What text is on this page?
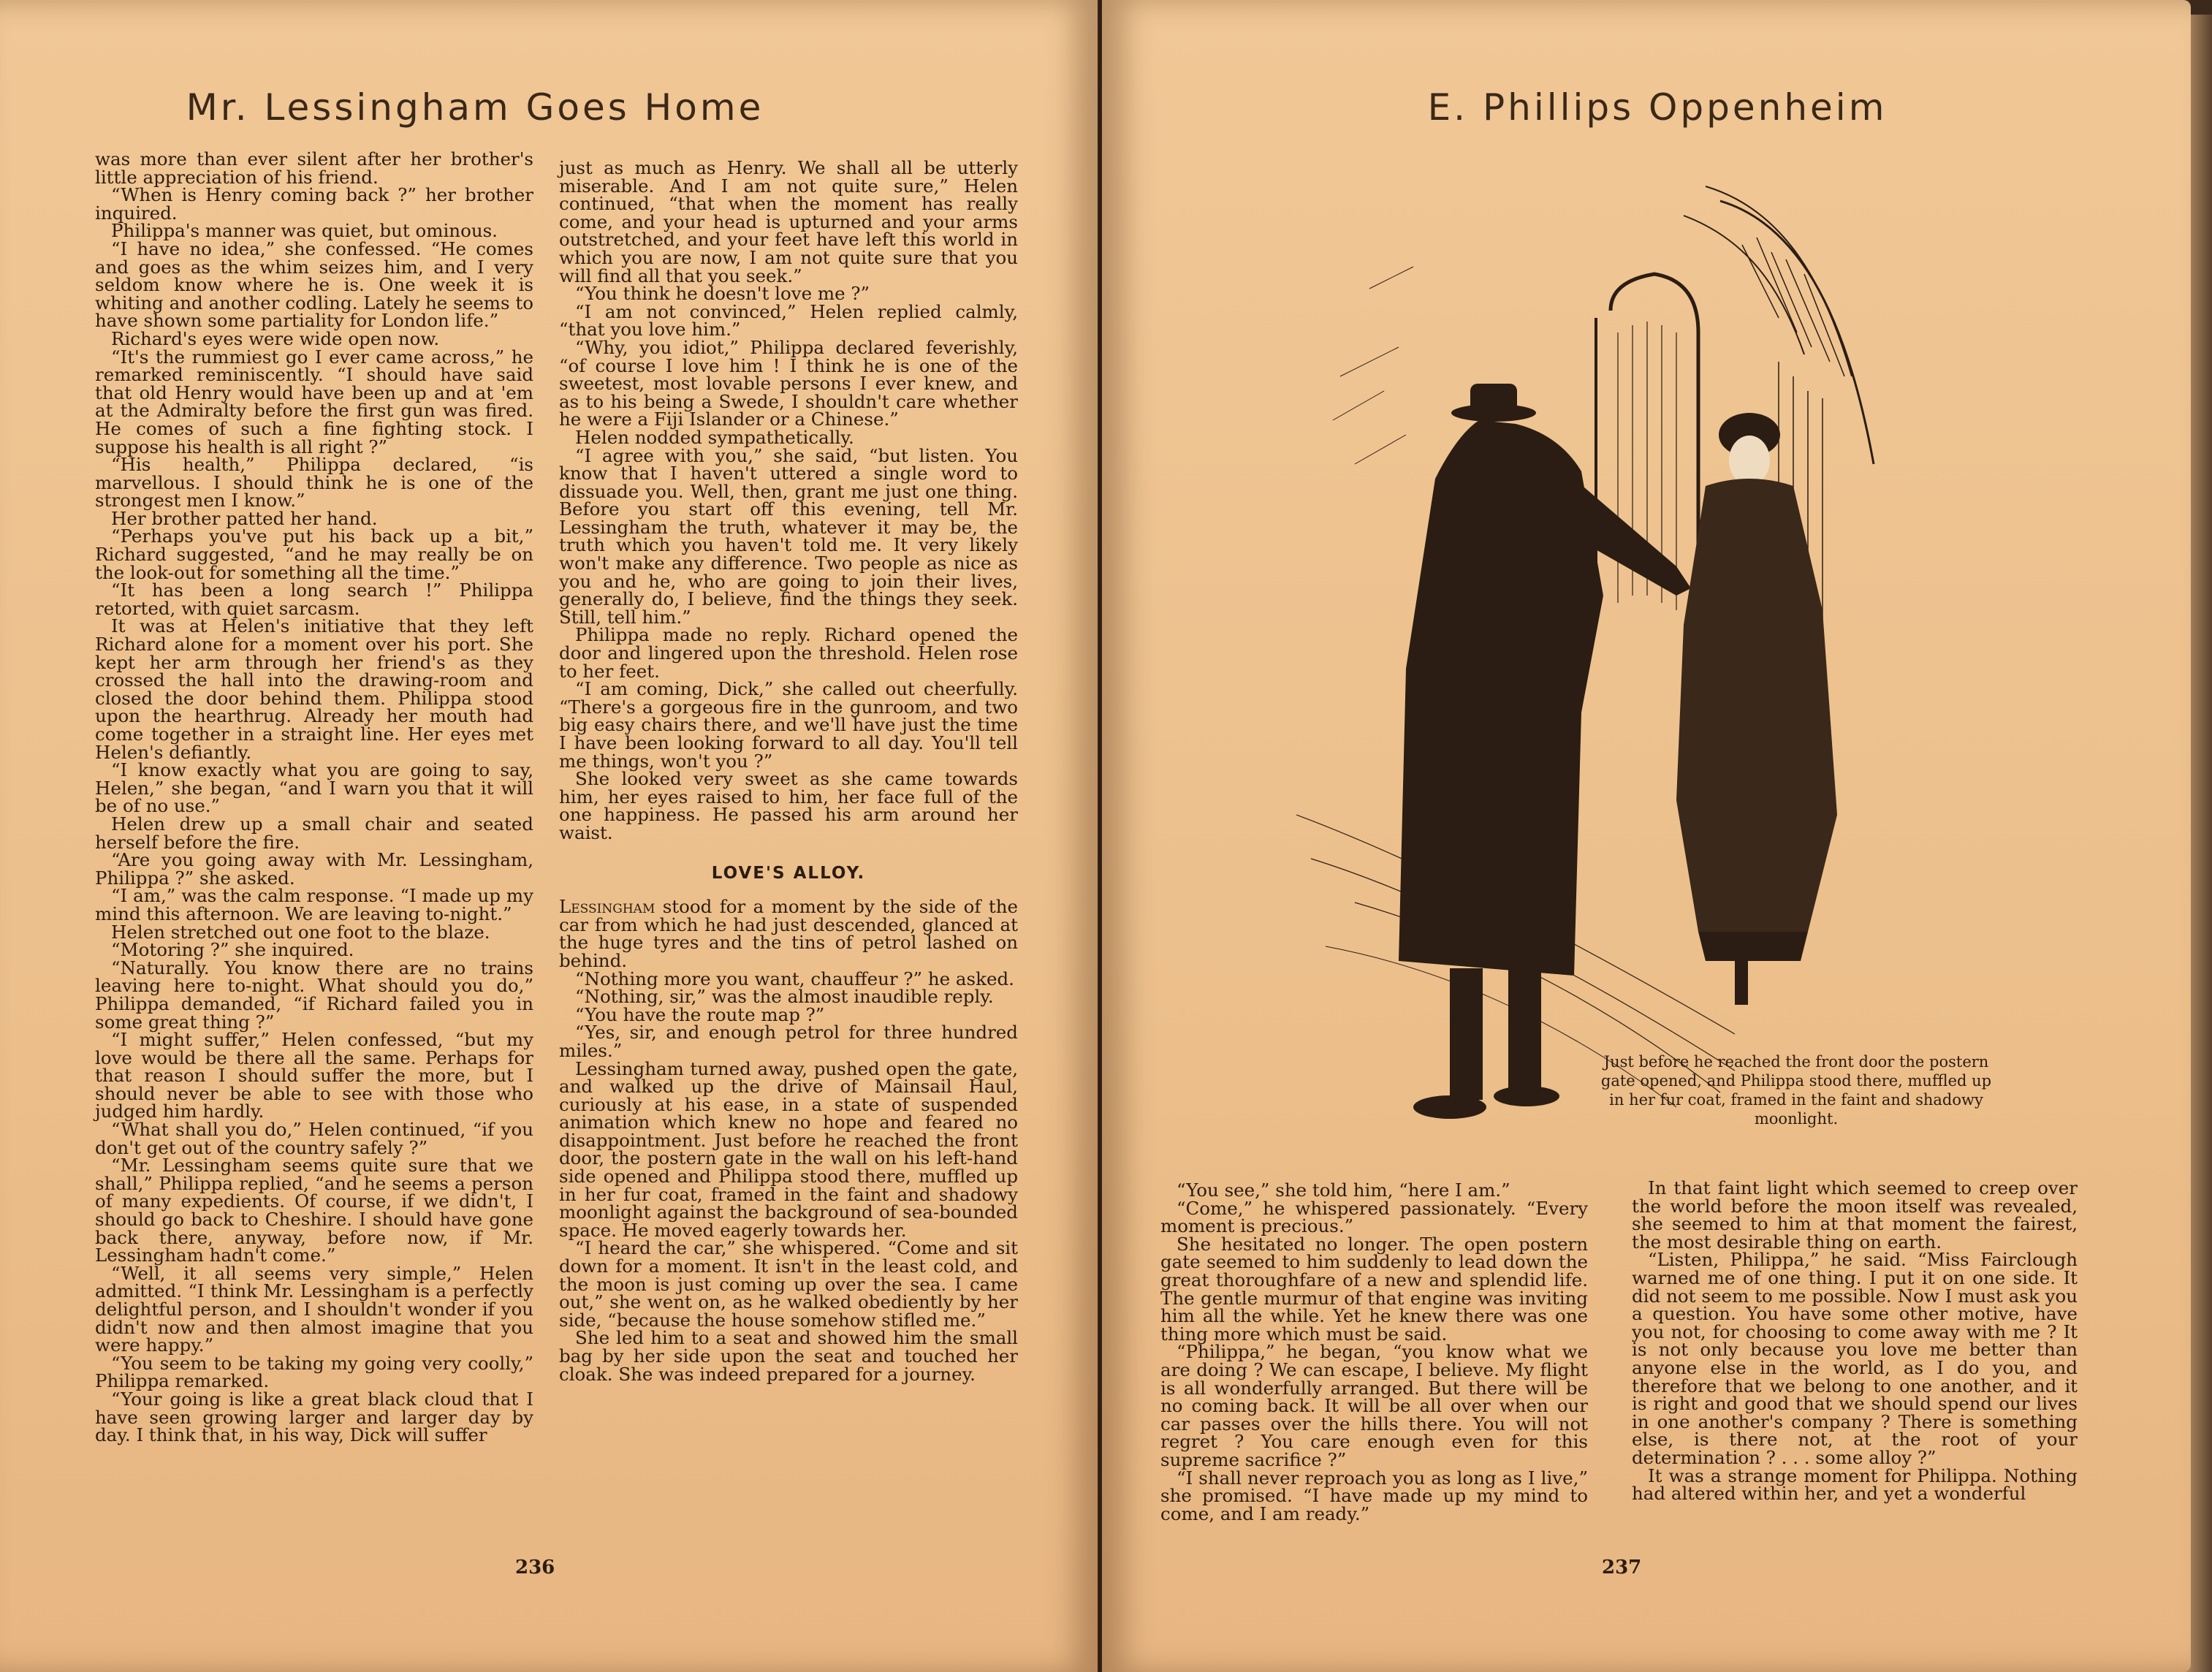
Mr. Lessingham Goes Home

was more than ever silent after her brother's little appreciation of his friend.

“When is Henry coming back ?” her brother inquired.

Philippa's manner was quiet, but ominous.

“I have no idea,” she confessed. “He comes and goes as the whim seizes him, and I very seldom know where he is. One week it is whiting and another codling. Lately he seems to have shown some partiality for London life.”

Richard's eyes were wide open now.

“It's the rummiest go I ever came across,” he remarked reminiscently. “I should have said that old Henry would have been up and at 'em at the Admiralty before the first gun was fired. He comes of such a fine fighting stock. I suppose his health is all right ?”

“His health,” Philippa declared, “is marvellous. I should think he is one of the strongest men I know.”

Her brother patted her hand.

“Perhaps you've put his back up a bit,” Richard suggested, “and he may really be on the look-out for something all the time.”

“It has been a long search !” Philippa retorted, with quiet sarcasm.

It was at Helen's initiative that they left Richard alone for a moment over his port. She kept her arm through her friend's as they crossed the hall into the drawing-room and closed the door behind them. Philippa stood upon the hearthrug. Already her mouth had come together in a straight line. Her eyes met Helen's defiantly.

“I know exactly what you are going to say, Helen,” she began, “and I warn you that it will be of no use.”

Helen drew up a small chair and seated herself before the fire.

“Are you going away with Mr. Lessingham, Philippa ?” she asked.

“I am,” was the calm response. “I made up my mind this afternoon. We are leaving to-night.”

Helen stretched out one foot to the blaze.

“Motoring ?” she inquired.

“Naturally. You know there are no trains leaving here to-night. What should you do,” Philippa demanded, “if Richard failed you in some great thing ?”

“I might suffer,” Helen confessed, “but my love would be there all the same. Perhaps for that reason I should suffer the more, but I should never be able to see with those who judged him hardly.

“What shall you do,” Helen continued, “if you don't get out of the country safely ?”

“Mr. Lessingham seems quite sure that we shall,” Philippa replied, “and he seems a person of many expedients. Of course, if we didn't, I should go back to Cheshire. I should have gone back there, anyway, before now, if Mr. Lessingham hadn't come.”

“Well, it all seems very simple,” Helen admitted. “I think Mr. Lessingham is a perfectly delightful person, and I shouldn't wonder if you didn't now and then almost imagine that you were happy.”

“You seem to be taking my going very coolly,” Philippa remarked.

“Your going is like a great black cloud that I have seen growing larger and larger day by day. I think that, in his way, Dick will suffer

just as much as Henry. We shall all be utterly miserable. And I am not quite sure,” Helen continued, “that when the moment has really come, and your head is upturned and your arms outstretched, and your feet have left this world in which you are now, I am not quite sure that you will find all that you seek.”

“You think he doesn't love me ?”

“I am not convinced,” Helen replied calmly, “that you love him.”

“Why, you idiot,” Philippa declared feverishly, “of course I love him ! I think he is one of the sweetest, most lovable persons I ever knew, and as to his being a Swede, I shouldn't care whether he were a Fiji Islander or a Chinese.”

Helen nodded sympathetically.

“I agree with you,” she said, “but listen. You know that I haven't uttered a single word to dissuade you. Well, then, grant me just one thing. Before you start off this evening, tell Mr. Lessingham the truth, whatever it may be, the truth which you haven't told me. It very likely won't make any difference. Two people as nice as you and he, who are going to join their lives, generally do, I believe, find the things they seek. Still, tell him.”

Philippa made no reply. Richard opened the door and lingered upon the threshold. Helen rose to her feet.

“I am coming, Dick,” she called out cheerfully. “There's a gorgeous fire in the gunroom, and two big easy chairs there, and we'll have just the time I have been looking forward to all day. You'll tell me things, won't you ?”

She looked very sweet as she came towards him, her eyes raised to him, her face full of the one happiness. He passed his arm around her waist.

LOVE'S ALLOY.

Lessingham stood for a moment by the side of the car from which he had just descended, glanced at the huge tyres and the tins of petrol lashed on behind.

“Nothing more you want, chauffeur ?” he asked.

“Nothing, sir,” was the almost inaudible reply.

“You have the route map ?”

“Yes, sir, and enough petrol for three hundred miles.”

Lessingham turned away, pushed open the gate, and walked up the drive of Mainsail Haul, curiously at his ease, in a state of suspended animation which knew no hope and feared no disappointment. Just before he reached the front door, the postern gate in the wall on his left-hand side opened and Philippa stood there, muffled up in her fur coat, framed in the faint and shadowy moonlight against the background of sea-bounded space. He moved eagerly towards her.

“I heard the car,” she whispered. “Come and sit down for a moment. It isn't in the least cold, and the moon is just coming up over the sea. I came out,” she went on, as he walked obediently by her side, “because the house somehow stifled me.”

She led him to a seat and showed him the small bag by her side upon the seat and touched her cloak. She was indeed prepared for a journey.

236
E. Phillips Oppenheim
Just before he reached the front door the postern gate opened, and Philippa stood there, muffled up in her fur coat, framed in the faint and shadowy moonlight.

“You see,” she told him, “here I am.”

“Come,” he whispered passionately. “Every moment is precious.”

She hesitated no longer. The open postern gate seemed to him suddenly to lead down the great thoroughfare of a new and splendid life. The gentle murmur of that engine was inviting him all the while. Yet he knew there was one thing more which must be said.

“Philippa,” he began, “you know what we are doing ? We can escape, I believe. My flight is all wonderfully arranged. But there will be no coming back. It will be all over when our car passes over the hills there. You will not regret ? You care enough even for this supreme sacrifice ?”

“I shall never reproach you as long as I live,” she promised. “I have made up my mind to come, and I am ready.”

In that faint light which seemed to creep over the world before the moon itself was revealed, she seemed to him at that moment the fairest, the most desirable thing on earth.

“Listen, Philippa,” he said. “Miss Fairclough warned me of one thing. I put it on one side. It did not seem to me possible. Now I must ask you a question. You have some other motive, have you not, for choosing to come away with me ? It is not only because you love me better than anyone else in the world, as I do you, and therefore that we belong to one another, and it is right and good that we should spend our lives in one another's company ? There is something else, is there not, at the root of your determination ? . . . some alloy ?”

It was a strange moment for Philippa. Nothing had altered within her, and yet a wonderful

237
